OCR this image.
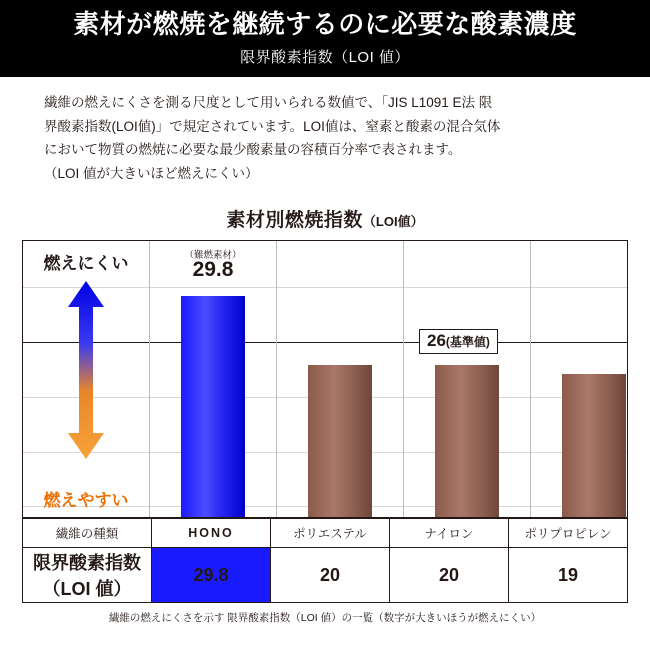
素材が燃焼を継続するのに必要な酸素濃度
限界酸素指数（LOI 値）

繊維の燃えにくさを測る尺度として用いられる数値で、「JIS L1091 E法 限

界酸素指数(LOI値)」で規定されています。LOI値は、窒素と酸素の混合気体

において物質の燃焼に必要な最少酸素量の容積百分率で表されます。

（LOI 値が大きいほど燃えにくい）

素材別燃焼指数（LOI値）
燃えにくい
燃えやすい
（難燃素材）
29.8
26(基準値)
繊維の種類	HONO	ポリエステル	ナイロン	ポリプロピレン
限界酸素指数（LOI 値）	29.8	20	20	19
繊維の燃えにくさを示す 限界酸素指数（LOI 値）の一覧（数字が大きいほうが燃えにくい）
